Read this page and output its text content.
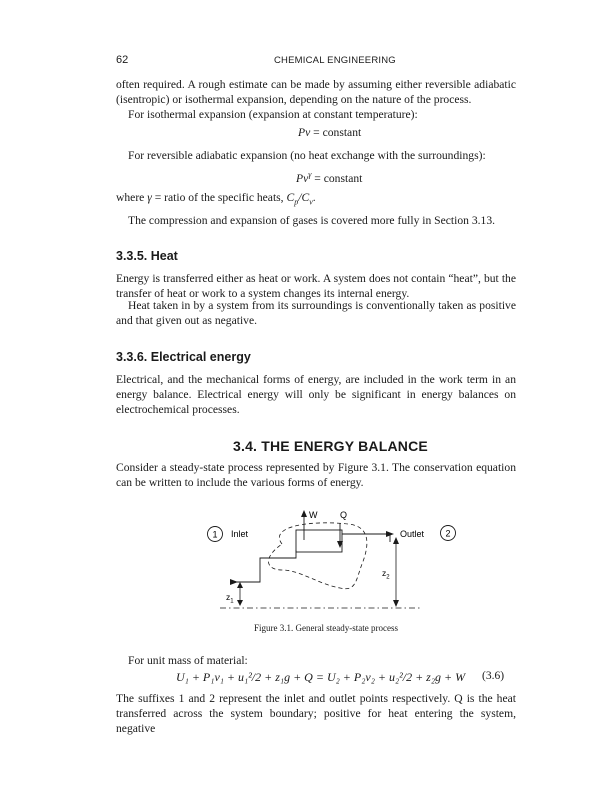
62	CHEMICAL ENGINEERING
often required. A rough estimate can be made by assuming either reversible adiabatic (isentropic) or isothermal expansion, depending on the nature of the process.
For isothermal expansion (expansion at constant temperature):
Pv = constant
For reversible adiabatic expansion (no heat exchange with the surroundings):
$Pv^\gamma$ = constant
where γ = ratio of the specific heats, $C_p/C_v$.
The compression and expansion of gases is covered more fully in Section 3.13.
3.3.5. Heat
Energy is transferred either as heat or work. A system does not contain “heat”, but the transfer of heat or work to a system changes its internal energy.
Heat taken in by a system from its surroundings is conventionally taken as positive and that given out as negative.
3.3.6. Electrical energy
Electrical, and the mechanical forms of energy, are included in the work term in an energy balance. Electrical energy will only be significant in energy balances on electrochemical processes.
3.4. THE ENERGY BALANCE
Consider a steady-state process represented by Figure 3.1. The conservation equation can be written to include the various forms of energy.
1 Inlet	Outlet 2
W	Q
$z_2$
$z_1$
Figure 3.1. General steady-state process
For unit mass of material:
U₁ + P₁v₁ + u₁²/2 + z₁g + Q = U₂ + P₂v₂ + u₂²/2 + z₂g + W (3.6)
The suffixes 1 and 2 represent the inlet and outlet points respectively. Q is the heat transferred across the system boundary; positive for heat entering the system, negative
